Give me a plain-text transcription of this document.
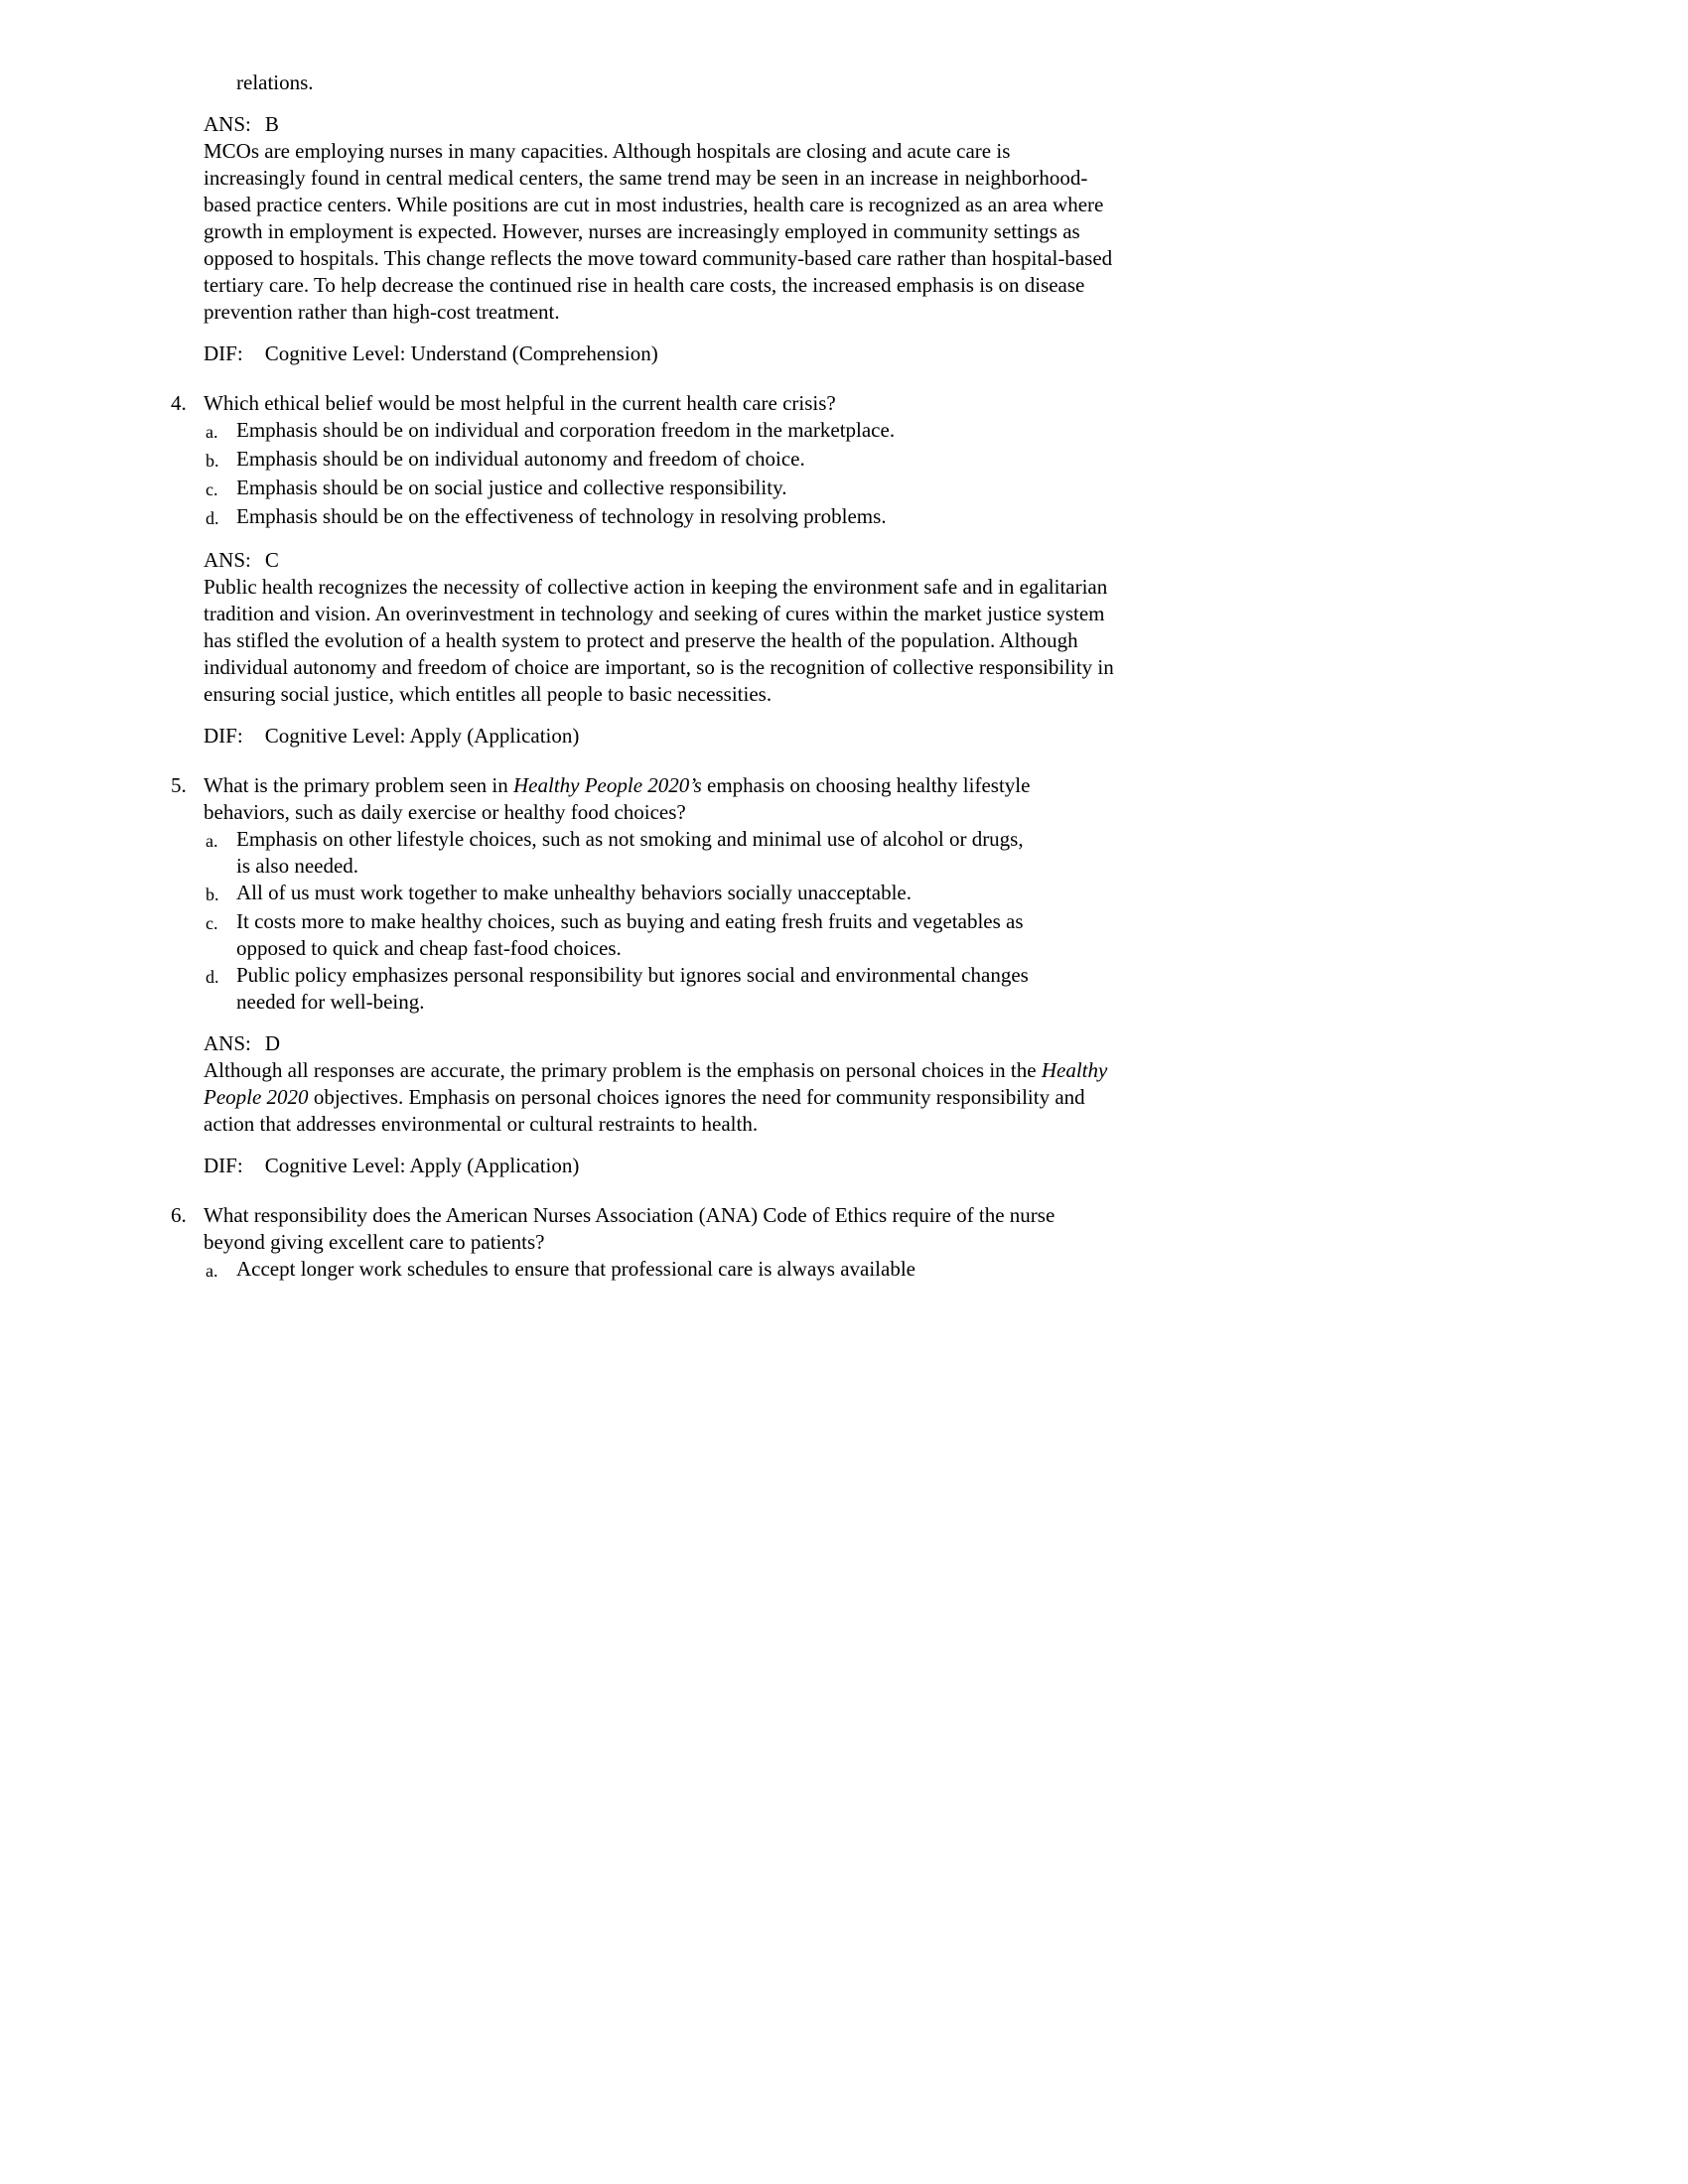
relations.

ANS: B

MCOs are employing nurses in many capacities. Although hospitals are closing and acute care is increasingly found in central medical centers, the same trend may be seen in an increase in neighborhood-based practice centers. While positions are cut in most industries, health care is recognized as an area where growth in employment is expected. However, nurses are increasingly employed in community settings as opposed to hospitals. This change reflects the move toward community-based care rather than hospital-based tertiary care. To help decrease the continued rise in health care costs, the increased emphasis is on disease prevention rather than high-cost treatment.

DIF: Cognitive Level: Understand (Comprehension)

4. Which ethical belief would be most helpful in the current health care crisis?
a. Emphasis should be on individual and corporation freedom in the marketplace.
b. Emphasis should be on individual autonomy and freedom of choice.
c. Emphasis should be on social justice and collective responsibility.
d. Emphasis should be on the effectiveness of technology in resolving problems.

ANS: C

Public health recognizes the necessity of collective action in keeping the environment safe and in egalitarian tradition and vision. An overinvestment in technology and seeking of cures within the market justice system has stifled the evolution of a health system to protect and preserve the health of the population. Although individual autonomy and freedom of choice are important, so is the recognition of collective responsibility in ensuring social justice, which entitles all people to basic necessities.

DIF: Cognitive Level: Apply (Application)

5. What is the primary problem seen in Healthy People 2020’s emphasis on choosing healthy lifestyle behaviors, such as daily exercise or healthy food choices?
a. Emphasis on other lifestyle choices, such as not smoking and minimal use of alcohol or drugs, is also needed.
b. All of us must work together to make unhealthy behaviors socially unacceptable.
c. It costs more to make healthy choices, such as buying and eating fresh fruits and vegetables as opposed to quick and cheap fast-food choices.
d. Public policy emphasizes personal responsibility but ignores social and environmental changes needed for well-being.

ANS: D

Although all responses are accurate, the primary problem is the emphasis on personal choices in the Healthy People 2020 objectives. Emphasis on personal choices ignores the need for community responsibility and action that addresses environmental or cultural restraints to health.

DIF: Cognitive Level: Apply (Application)

6. What responsibility does the American Nurses Association (ANA) Code of Ethics require of the nurse beyond giving excellent care to patients?
a. Accept longer work schedules to ensure that professional care is always available
